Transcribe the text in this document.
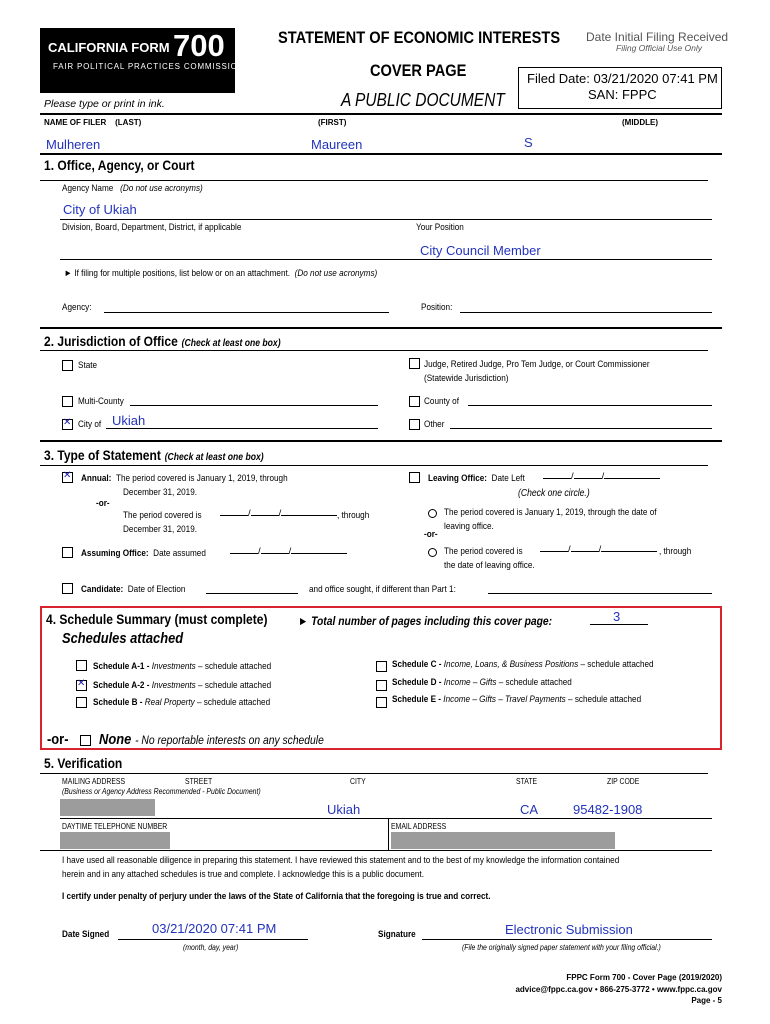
CALIFORNIA FORM 700
FAIR POLITICAL PRACTICES COMMISSION
STATEMENT OF ECONOMIC INTERESTS
COVER PAGE
A PUBLIC DOCUMENT
Date Initial Filing Received
Filing Official Use Only
Filed Date: 03/21/2020 07:41 PM
SAN: FPPC
Please type or print in ink.
NAME OF FILER    (LAST)	(FIRST)	(MIDDLE)
Mulheren	Maureen	S
1. Office, Agency, or Court
Agency Name (Do not use acronyms)
City of Ukiah
Division, Board, Department, District, if applicable	Your Position
City Council Member
► If filing for multiple positions, list below or on an attachment. (Do not use acronyms)
Agency:	Position:
2. Jurisdiction of Office (Check at least one box)
State	Judge, Retired Judge, Pro Tem Judge, or Court Commissioner
(Statewide Jurisdiction)
Multi-County	County of
✕
City of Ukiah	Other
3. Type of Statement (Check at least one box)
✕
Annual: The period covered is January 1, 2019, through
December 31, 2019.
-or-
The period covered is	/	/	, through
December 31, 2019.
Assuming Office: Date assumed	/	/
Leaving Office: Date Left	/	/
(Check one circle.)
The period covered is January 1, 2019, through the date of
leaving office.
-or-
The period covered is	/	/	, through
the date of leaving office.
Candidate: Date of Election	and office sought, if different than Part 1:
4. Schedule Summary (must complete)	► Total number of pages including this cover page:	3
Schedules attached
Schedule A-1 - Investments – schedule attached
✕
Schedule A-2 - Investments – schedule attached
Schedule B - Real Property – schedule attached
Schedule C - Income, Loans, & Business Positions – schedule attached
Schedule D - Income – Gifts – schedule attached
Schedule E - Income – Gifts – Travel Payments – schedule attached
-or- None - No reportable interests on any schedule
5. Verification
MAILING ADDRESS	STREET	CITY	STATE	ZIP CODE
(Business or Agency Address Recommended - Public Document)
Ukiah	CA	95482-1908
DAYTIME TELEPHONE NUMBER	EMAIL ADDRESS
I have used all reasonable diligence in preparing this statement. I have reviewed this statement and to the best of my knowledge the information contained
herein and in any attached schedules is true and complete. I acknowledge this is a public document.
I certify under penalty of perjury under the laws of the State of California that the foregoing is true and correct.
Date Signed	03/21/2020 07:41 PM
(month, day, year)
Signature	Electronic Submission
(File the originally signed paper statement with your filing official.)
FPPC Form 700 - Cover Page (2019/2020)
advice@fppc.ca.gov • 866-275-3772 • www.fppc.ca.gov
Page - 5
